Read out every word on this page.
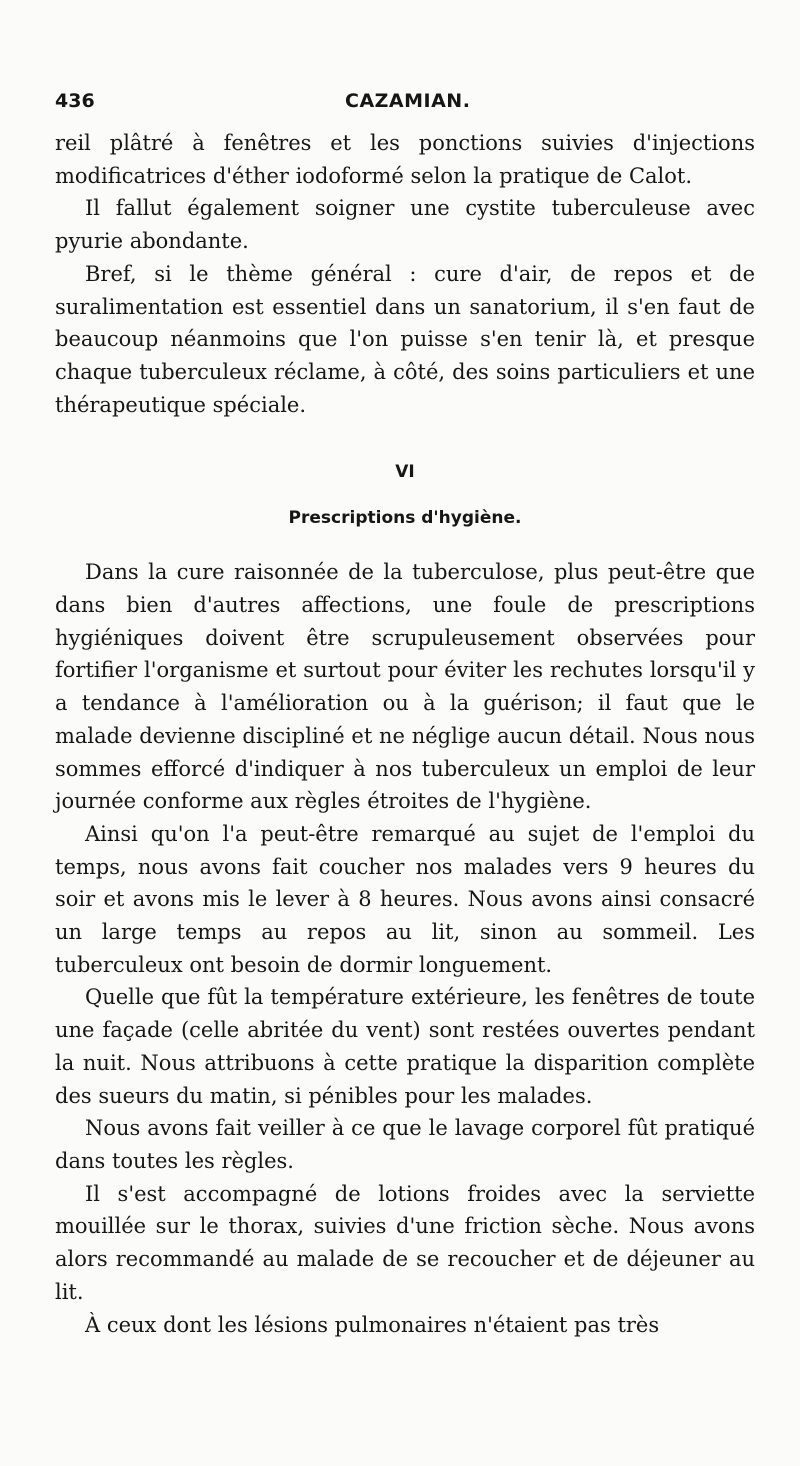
436	CAZAMIAN.

reil plâtré à fenêtres et les ponctions suivies d'injections modificatrices d'éther iodoformé selon la pratique de Calot.

Il fallut également soigner une cystite tuberculeuse avec pyurie abondante.

Bref, si le thème général : cure d'air, de repos et de suralimentation est essentiel dans un sanatorium, il s'en faut de beaucoup néanmoins que l'on puisse s'en tenir là, et presque chaque tuberculeux réclame, à côté, des soins particuliers et une thérapeutique spéciale.

VI
Prescriptions d'hygiène.

Dans la cure raisonnée de la tuberculose, plus peut-être que dans bien d'autres affections, une foule de prescriptions hygiéniques doivent être scrupuleusement observées pour fortifier l'organisme et surtout pour éviter les rechutes lorsqu'il y a tendance à l'amélioration ou à la guérison; il faut que le malade devienne discipliné et ne néglige aucun détail. Nous nous sommes efforcé d'indiquer à nos tuberculeux un emploi de leur journée conforme aux règles étroites de l'hygiène.

Ainsi qu'on l'a peut-être remarqué au sujet de l'emploi du temps, nous avons fait coucher nos malades vers 9 heures du soir et avons mis le lever à 8 heures. Nous avons ainsi consacré un large temps au repos au lit, sinon au sommeil. Les tuberculeux ont besoin de dormir longuement.

Quelle que fût la température extérieure, les fenêtres de toute une façade (celle abritée du vent) sont restées ouvertes pendant la nuit. Nous attribuons à cette pratique la disparition complète des sueurs du matin, si pénibles pour les malades.

Nous avons fait veiller à ce que le lavage corporel fût pratiqué dans toutes les règles.

Il s'est accompagné de lotions froides avec la serviette mouillée sur le thorax, suivies d'une friction sèche. Nous avons alors recommandé au malade de se recoucher et de déjeuner au lit.

À ceux dont les lésions pulmonaires n'étaient pas très
